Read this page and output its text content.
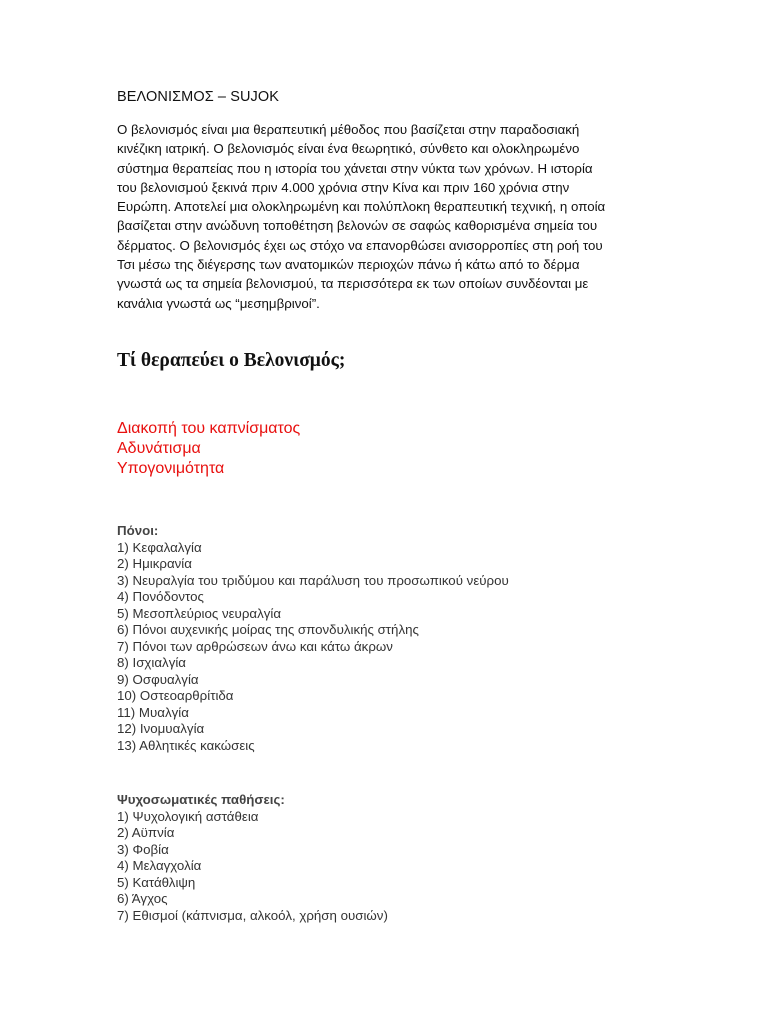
ΒΕΛΟΝΙΣΜΟΣ – SUJOK

Ο βελονισμός είναι μια θεραπευτική μέθοδος που βασίζεται στην παραδοσιακή
κινέζικη ιατρική. Ο βελονισμός είναι ένα θεωρητικό, σύνθετο και ολοκληρωμένο
σύστημα θεραπείας που η ιστορία του χάνεται στην νύκτα των χρόνων. Η ιστορία
του βελονισμού ξεκινά πριν 4.000 χρόνια στην Κίνα και πριν 160 χρόνια στην
Ευρώπη. Αποτελεί μια ολοκληρωμένη και πολύπλοκη θεραπευτική τεχνική, η οποία
βασίζεται στην ανώδυνη τοποθέτηση βελονών σε σαφώς καθορισμένα σημεία του
δέρματος. Ο βελονισμός έχει ως στόχο να επανορθώσει ανισορροπίες στη ροή του
Τσι μέσω της διέγερσης των ανατομικών περιοχών πάνω ή κάτω από το δέρμα
γνωστά ως τα σημεία βελονισμού, τα περισσότερα εκ των οποίων συνδέονται με
κανάλια γνωστά ως “μεσημβρινοί”.

Τί θεραπεύει ο Βελονισμός;
Διακοπή του καπνίσματος
Αδυνάτισμα
Υπογονιμότητα
Πόνοι:
1) Κεφαλαλγία
2) Ημικρανία
3) Νευραλγία του τριδύμου και παράλυση του προσωπικού νεύρου
4) Πονόδοντος
5) Μεσοπλεύριος νευραλγία
6) Πόνοι αυχενικής μοίρας της σπονδυλικής στήλης
7) Πόνοι των αρθρώσεων άνω και κάτω άκρων
8) Ισχιαλγία
9) Οσφυαλγία
10) Οστεοαρθρίτιδα
11) Μυαλγία
12) Ινομυαλγία
13) Αθλητικές κακώσεις
Ψυχοσωματικές παθήσεις:
1) Ψυχολογική αστάθεια
2) Αϋπνία
3) Φοβία
4) Μελαγχολία
5) Κατάθλιψη
6) Άγχος
7) Εθισμοί (κάπνισμα, αλκοόλ, χρήση ουσιών)
